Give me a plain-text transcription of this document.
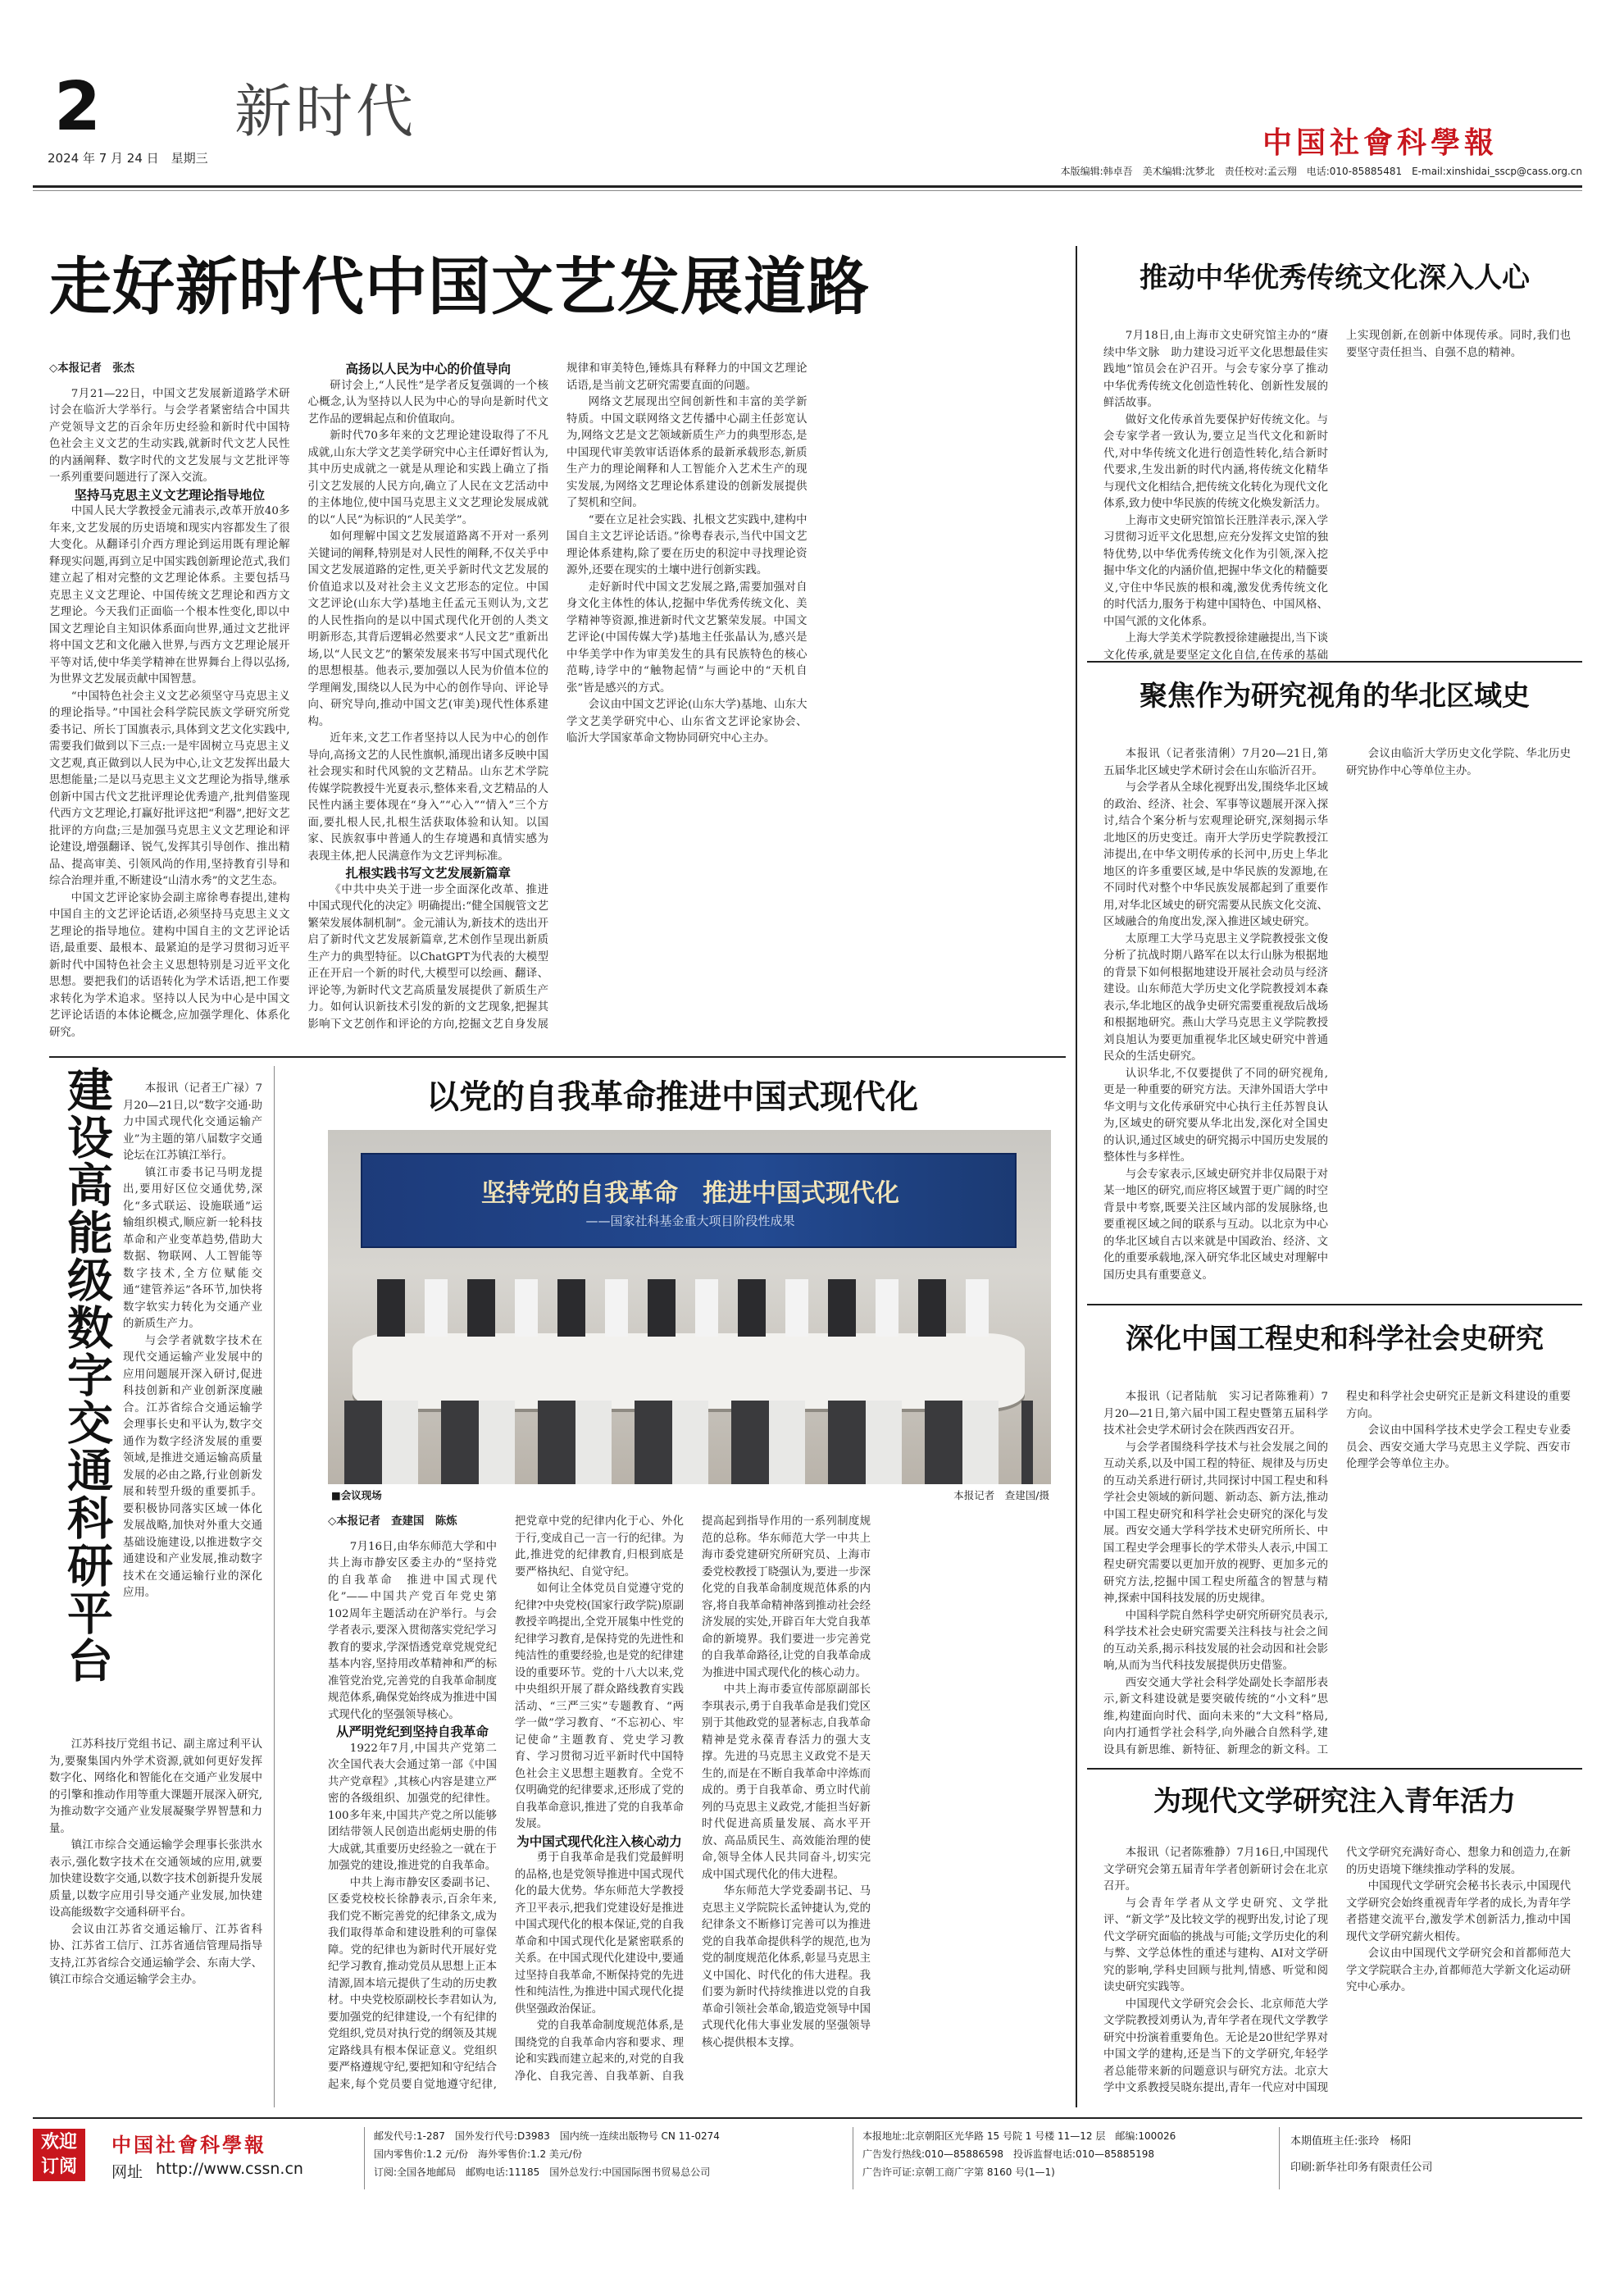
2 新时代
2024 年 7 月 24 日　星期三	中国社會科學報
本版编辑:韩卓吾　美术编辑:沈梦北　责任校对:孟云翔　电话:010-85885481　E-mail:xinshidai_sscp@cass.org.cn
走好新时代中国文艺发展道路

◇本报记者　张杰

7月21—22日，中国文艺发展新道路学术研讨会在临沂大学举行。与会学者紧密结合中国共产党领导文艺的百余年历史经验和新时代中国特色社会主义文艺的生动实践,就新时代文艺人民性的内涵阐释、数字时代的文艺发展与文艺批评等一系列重要问题进行了深入交流。

坚持马克思主义文艺理论指导地位

中国人民大学教授金元浦表示,改革开放40多年来,文艺发展的历史语境和现实内容都发生了很大变化。从翻译引介西方理论到运用既有理论解释现实问题,再到立足中国实践创新理论范式,我们建立起了相对完整的文艺理论体系。主要包括马克思主义文艺理论、中国传统文艺理论和西方文艺理论。今天我们正面临一个根本性变化,即以中国文艺理论自主知识体系面向世界,通过文艺批评将中国文艺和文化融入世界,与西方文艺理论展开平等对话,使中华美学精神在世界舞台上得以弘扬,为世界文艺发展贡献中国智慧。

“中国特色社会主义文艺必须坚守马克思主义的理论指导。”中国社会科学院民族文学研究所党委书记、所长丁国旗表示,具体到文艺文化实践中,需要我们做到以下三点:一是牢固树立马克思主义文艺观,真正做到以人民为中心,让文艺发挥出最大思想能量;二是以马克思主义文艺理论为指导,继承创新中国古代文艺批评理论优秀遗产,批判借鉴现代西方文艺理论,打赢好批评这把“利器”,把好文艺批评的方向盘;三是加强马克思主义文艺理论和评论建设,增强翻译、锐气,发挥其引导创作、推出精品、提高审美、引领风尚的作用,坚持教育引导和综合治理并重,不断建设“山清水秀”的文艺生态。

中国文艺评论家协会副主席徐粤春提出,建构中国自主的文艺评论话语,必须坚持马克思主义文艺理论的指导地位。建构中国自主的文艺评论话语,最重要、最根本、最紧迫的是学习贯彻习近平新时代中国特色社会主义思想特别是习近平文化思想。要把我们的话语转化为学术话语,把工作要求转化为学术追求。坚持以人民为中心是中国文艺评论话语的本体论概念,应加强学理化、体系化研究。

高扬以人民为中心的价值导向

研讨会上,“人民性”是学者反复强调的一个核心概念,认为坚持以人民为中心的导向是新时代文艺作品的逻辑起点和价值取向。

新时代70多年来的文艺理论建设取得了不凡成就,山东大学文艺美学研究中心主任谭好哲认为,其中历史成就之一就是从理论和实践上确立了指引文艺发展的人民方向,确立了人民在文艺活动中的主体地位,使中国马克思主义文艺理论发展成就的以“人民”为标识的“人民美学”。

如何理解中国文艺发展道路离不开对一系列关键词的阐释,特别是对人民性的阐释,不仅关乎中国文艺发展道路的定性,更关乎新时代文艺发展的价值追求以及对社会主义文艺形态的定位。中国文艺评论(山东大学)基地主任孟元玉则认为,文艺的人民性指向的是以中国式现代化开创的人类文明新形态,其背后逻辑必然要求“人民文艺”重新出场,以“人民文艺”的繁荣发展来书写中国式现代化的思想根基。他表示,要加强以人民为价值本位的学理阐发,围绕以人民为中心的创作导向、评论导向、研究导向,推动中国文艺(审美)现代性体系建构。

近年来,文艺工作者坚持以人民为中心的创作导向,高扬文艺的人民性旗帜,涌现出诸多反映中国社会现实和时代风貌的文艺精品。山东艺术学院传媒学院教授牛光夏表示,整体来看,文艺精品的人民性内涵主要体现在“身入”“心入”“情入”三个方面,要扎根人民,扎根生活获取体验和认知。以国家、民族叙事中普通人的生存境遇和真情实感为表现主体,把人民满意作为文艺评判标准。

扎根实践书写文艺发展新篇章

《中共中央关于进一步全面深化改革、推进中国式现代化的决定》明确提出:“健全国舰管文艺繁荣发展体制机制”。金元浦认为,新技术的迭出开启了新时代文艺发展新篇章,艺术创作呈现出新质生产力的典型特征。以ChatGPT为代表的大模型正在开启一个新的时代,大模型可以绘画、翻译、评论等,为新时代文艺高质量发展提供了新质生产力。如何认识新技术引发的新的文艺现象,把握其影响下文艺创作和评论的方向,挖掘文艺自身发展规律和审美特色,锤炼具有释释力的中国文艺理论话语,是当前文艺研究需要直面的问题。

网络文艺展现出空间创新性和丰富的美学新特质。中国文联网络文艺传播中心副主任彭宽认为,网络文艺是文艺领域新质生产力的典型形态,是中国现代审美敦审话语体系的最新承载形态,新质生产力的理论阐释和人工智能介入艺术生产的现实发展,为网络文艺理论体系建设的创新发展提供了契机和空间。

“要在立足社会实践、扎根文艺实践中,建构中国自主文艺评论话语。”徐粤春表示,当代中国文艺理论体系建构,除了要在历史的积淀中寻找理论资源外,还要在现实的土壤中进行创新实践。

走好新时代中国文艺发展之路,需要加强对自身文化主体性的体认,挖掘中华优秀传统文化、美学精神等资源,推进新时代文艺繁荣发展。中国文艺评论(中国传媒大学)基地主任张晶认为,感兴是中华美学中作为审美发生的具有民族特色的核心范畴,诗学中的“触物起情”与画论中的“天机自张”皆是感兴的方式。

会议由中国文艺评论(山东大学)基地、山东大学文艺美学研究中心、山东省文艺评论家协会、临沂大学国家革命文物协同研究中心主办。

建设高能级数字交通科研平台	本报讯（记者王广禄）7月20—21日,以“数字交通·助力中国式现代化交通运输产业”为主题的第八届数字交通论坛在江苏镇江举行。

镇江市委书记马明龙提出,要用好区位交通优势,深化“多式联运、设施联通”运输组织模式,顺应新一轮科技革命和产业变革趋势,借助大数据、物联网、人工智能等数字技术,全方位赋能交通“建管养运”各环节,加快将数字软实力转化为交通产业的新质生产力。

与会学者就数字技术在现代交通运输产业发展中的应用问题展开深入研讨,促进科技创新和产业创新深度融合。江苏省综合交通运输学会理事长史和平认为,数字交通作为数字经济发展的重要领域,是推进交通运输高质量发展的必由之路,行业创新发展和转型升级的重要抓手。要积极协同落实区域一体化发展战略,加快对外重大交通基础设施建设,以推进数字交通建设和产业发展,推动数字技术在交通运输行业的深化应用。

江苏科技厅党组书记、副主席过利平认为,要聚集国内外学术资源,就如何更好发挥数字化、网络化和智能化在交通产业发展中的引擎和推动作用等重大课题开展深入研究,为推动数字交通产业发展凝聚学界智慧和力量。

镇江市综合交通运输学会理事长张洪水表示,强化数字技术在交通领域的应用,就要加快建设数字交通,以数字技术创新提升发展质量,以数字应用引导交通产业发展,加快建设高能级数字交通科研平台。

会议由江苏省交通运输厅、江苏省科协、江苏省工信厅、江苏省通信管理局指导支持,江苏省综合交通运输学会、东南大学、镇江市综合交通运输学会主办。

以党的自我革命推进中国式现代化
坚持党的自我革命　推进中国式现代化
——国家社科基金重大项目阶段性成果
■会议现场	本报记者　查建国/摄

◇本报记者　查建国　陈炼

7月16日,由华东师范大学和中共上海市静安区委主办的“坚持党的自我革命　推进中国式现代化”——中国共产党百年党史第102周年主题活动在沪举行。与会学者表示,要深入贯彻落实党纪学习教育的要求,学深悟透党章党规党纪基本内容,坚持用改革精神和严的标准管党治党,完善党的自我革命制度规范体系,确保党始终成为推进中国式现代化的坚强领导核心。

从严明党纪到坚持自我革命

1922年7月,中国共产党第二次全国代表大会通过第一部《中国共产党章程》,其核心内容是建立严密的各级组织、加强党的纪律性。100多年来,中国共产党之所以能够团结带领人民创造出彪炳史册的伟大成就,其重要历史经验之一就在于加强党的建设,推进党的自我革命。

中共上海市静安区委副书记、区委党校校长徐静表示,百余年来,我们党不断完善党的纪律条文,成为我们取得革命和建设胜利的可靠保障。党的纪律也为新时代开展好党纪学习教育,推动党员从思想上正本清源,固本培元提供了生动的历史教材。中央党校原副校长李君如认为,要加强党的纪律建设,一个有纪律的党组织,党员对执行党的纲领及其规定路线具有根本保证意义。党组织要严格遵规守纪,要把知和守纪结合起来,每个党员要自觉地遵守纪律,把党章中党的纪律内化于心、外化于行,变成自己一言一行的纪律。为此,推进党的纪律教育,归根到底是要严格执纪、自觉守纪。

如何让全体党员自觉遵守党的纪律?中央党校(国家行政学院)原副教授辛鸣提出,全党开展集中性党的纪律学习教育,是保持党的先进性和纯洁性的重要经验,也是党的纪律建设的重要环节。党的十八大以来,党中央组织开展了群众路线教育实践活动、“三严三实”专题教育、“两学一做”学习教育、“不忘初心、牢记使命”主题教育、党史学习教育、学习贯彻习近平新时代中国特色社会主义思想主题教育。全党不仅明确党的纪律要求,还形成了党的自我革命意识,推进了党的自我革命发展。

为中国式现代化注入核心动力

勇于自我革命是我们党最鲜明的品格,也是党领导推进中国式现代化的最大优势。华东师范大学教授齐卫平表示,把我们党建设好是推进中国式现代化的根本保证,党的自我革命和中国式现代化是紧密联系的关系。在中国式现代化建设中,要通过坚持自我革命,不断保持党的先进性和纯洁性,为推进中国式现代化提供坚强政治保证。

党的自我革命制度规范体系,是围绕党的自我革命内容和要求、理论和实践而建立起来的,对党的自我净化、自我完善、自我革新、自我提高起到指导作用的一系列制度规范的总称。华东师范大学一中共上海市委党建研究所研究员、上海市委党校教授丁晓强认为,要进一步深化党的自我革命制度规范体系的内容,将自我革命精神落到推动社会经济发展的实处,开辟百年大党自我革命的新境界。我们要进一步完善党的自我革命路径,让党的自我革命成为推进中国式现代化的核心动力。

中共上海市委宣传部原副部长李琪表示,勇于自我革命是我们党区别于其他政党的显著标志,自我革命精神是党永葆青春活力的强大支撑。先进的马克思主义政党不是天生的,而是在不断自我革命中淬炼而成的。勇于自我革命、勇立时代前列的马克思主义政党,才能担当好新时代促进高质量发展、高水平开放、高品质民生、高效能治理的使命,领导全体人民共同奋斗,切实完成中国式现代化的伟大进程。

华东师范大学党委副书记、马克思主义学院院长孟钟捷认为,党的纪律条文不断修订完善可以为推进党的自我革命提供科学的规范,也为党的制度规范化体系,彰显马克思主义中国化、时代化的伟大进程。我们要为新时代持续推进以党的自我革命引领社会革命,锻造党领导中国式现代化伟大事业发展的坚强领导核心提供根本支撑。

推动中华优秀传统文化深入人心

7月18日,由上海市文史研究馆主办的“赓续中华文脉　助力建设习近平文化思想最佳实践地”馆员会在沪召开。与会专家分享了推动中华优秀传统文化创造性转化、创新性发展的鲜活故事。

做好文化传承首先要保护好传统文化。与会专家学者一致认为,要立足当代文化和新时代,对中华传统文化进行创造性转化,结合新时代要求,生发出新的时代内涵,将传统文化精华与现代文化相结合,把传统文化转化为现代文化体系,致力使中华民族的传统文化焕发新活力。

上海市文史研究馆馆长汪胜洋表示,深入学习贯彻习近平文化思想,应充分发挥文史馆的独特优势,以中华优秀传统文化作为引领,深入挖掘中华文化的内涵价值,把握中华文化的精髓要义,守住中华民族的根和魂,激发优秀传统文化的时代活力,服务于构建中国特色、中国风格、中国气派的文化体系。

上海大学美术学院教授徐建融提出,当下谈文化传承,就是要坚定文化自信,在传承的基础上实现创新,在创新中体现传承。同时,我们也要坚守责任担当、自强不息的精神。

聚焦作为研究视角的华北区域史

本报讯（记者张清俐）7月20—21日,第五届华北区域史学术研讨会在山东临沂召开。

与会学者从全球化视野出发,围绕华北区域的政治、经济、社会、军事等议题展开深入探讨,结合个案分析与宏观理论研究,深刻揭示华北地区的历史变迁。南开大学历史学院教授江沛提出,在中华文明传承的长河中,历史上华北地区的许多重要区域,是中华民族的发源地,在不同时代对整个中华民族发展都起到了重要作用,对华北区域史的研究需要从民族文化交流、区域融合的角度出发,深入推进区域史研究。

太原理工大学马克思主义学院教授张文俊分析了抗战时期八路军在以太行山脉为根据地的背景下如何根据地建设开展社会动员与经济建设。山东师范大学历史文化学院教授刘本森表示,华北地区的战争史研究需要重视敌后战场和根据地研究。燕山大学马克思主义学院教授刘良旭认为要更加重视华北区域史研究中普通民众的生活史研究。

认识华北,不仅要提供了不同的研究视角,更是一种重要的研究方法。天津外国语大学中华文明与文化传承研究中心执行主任苏智良认为,区域史的研究要从华北出发,深化对全国史的认识,通过区域史的研究揭示中国历史发展的整体性与多样性。

与会专家表示,区域史研究并非仅局限于对某一地区的研究,而应将区域置于更广阔的时空背景中考察,既要关注区域内部的发展脉络,也要重视区域之间的联系与互动。以北京为中心的华北区域自古以来就是中国政治、经济、文化的重要承载地,深入研究华北区域史对理解中国历史具有重要意义。

会议由临沂大学历史文化学院、华北历史研究协作中心等单位主办。

深化中国工程史和科学社会史研究

本报讯（记者陆航　实习记者陈雅莉）7月20—21日,第六届中国工程史暨第五届科学技术社会史学术研讨会在陕西西安召开。

与会学者围绕科学技术与社会发展之间的互动关系,以及中国工程的特征、规律及与历史的互动关系进行研讨,共同探讨中国工程史和科学社会史领域的新问题、新动态、新方法,推动中国工程史研究和科学社会史研究的深化与发展。西安交通大学科学技术史研究所所长、中国工程史学会理事长的学术带头人表示,中国工程史研究需要以更加开放的视野、更加多元的研究方法,挖掘中国工程史所蕴含的智慧与精神,探索中国科技发展的历史规律。

中国科学院自然科学史研究所研究员表示,科学技术社会史研究需要关注科技与社会之间的互动关系,揭示科技发展的社会动因和社会影响,从而为当代科技发展提供历史借鉴。

西安交通大学社会科学处副处长李韶彤表示,新文科建设就是要突破传统的“小文科”思维,构建面向时代、面向未来的“大文科”格局,向内打通哲学社会科学,向外融合自然科学,建设具有新思维、新特征、新理念的新文科。工程史和科学社会史研究正是新文科建设的重要方向。

会议由中国科学技术史学会工程史专业委员会、西安交通大学马克思主义学院、西安市伦理学会等单位主办。

为现代文学研究注入青年活力

本报讯（记者陈雅静）7月16日,中国现代文学研究会第五届青年学者创新研讨会在北京召开。

与会青年学者从文学史研究、文学批评、“新文学”及比较文学的视野出发,讨论了现代文学研究面临的挑战与可能;文学历史化的利与弊、文学总体性的重述与建构、AI对文学研究的影响,学科史回顾与批判,情感、听觉和阅读史研究实践等。

中国现代文学研究会会长、北京师范大学文学院教授刘勇认为,青年学者在现代文学教学研究中扮演着重要角色。无论是20世纪学界对中国文学的建构,还是当下的文学研究,年轻学者总能带来新的问题意识与研究方法。北京大学中文系教授吴晓东提出,青年一代应对中国现代文学研究充满好奇心、想象力和创造力,在新的历史语境下继续推动学科的发展。

中国现代文学研究会秘书长表示,中国现代文学研究会始终重视青年学者的成长,为青年学者搭建交流平台,激发学术创新活力,推动中国现代文学研究薪火相传。

会议由中国现代文学研究会和首都师范大学文学院联合主办,首都师范大学新文化运动研究中心承办。

欢迎订阅
中国社會科學報
网址 http://www.cssn.cn
邮发代号:1-287　国外发行代号:D3983　国内统一连续出版物号 CN 11-0274
国内零售价:1.2 元/份　海外零售价:1.2 美元/份
订阅:全国各地邮局　邮购电话:11185　国外总发行:中国国际图书贸易总公司
本报地址:北京朝阳区光华路 15 号院 1 号楼 11—12 层　邮编:100026
广告发行热线:010—85886598　投诉监督电话:010—85885198
广告许可证:京朝工商广字第 8160 号(1—1)
本期值班主任:张玲　杨阳
印刷:新华社印务有限责任公司
